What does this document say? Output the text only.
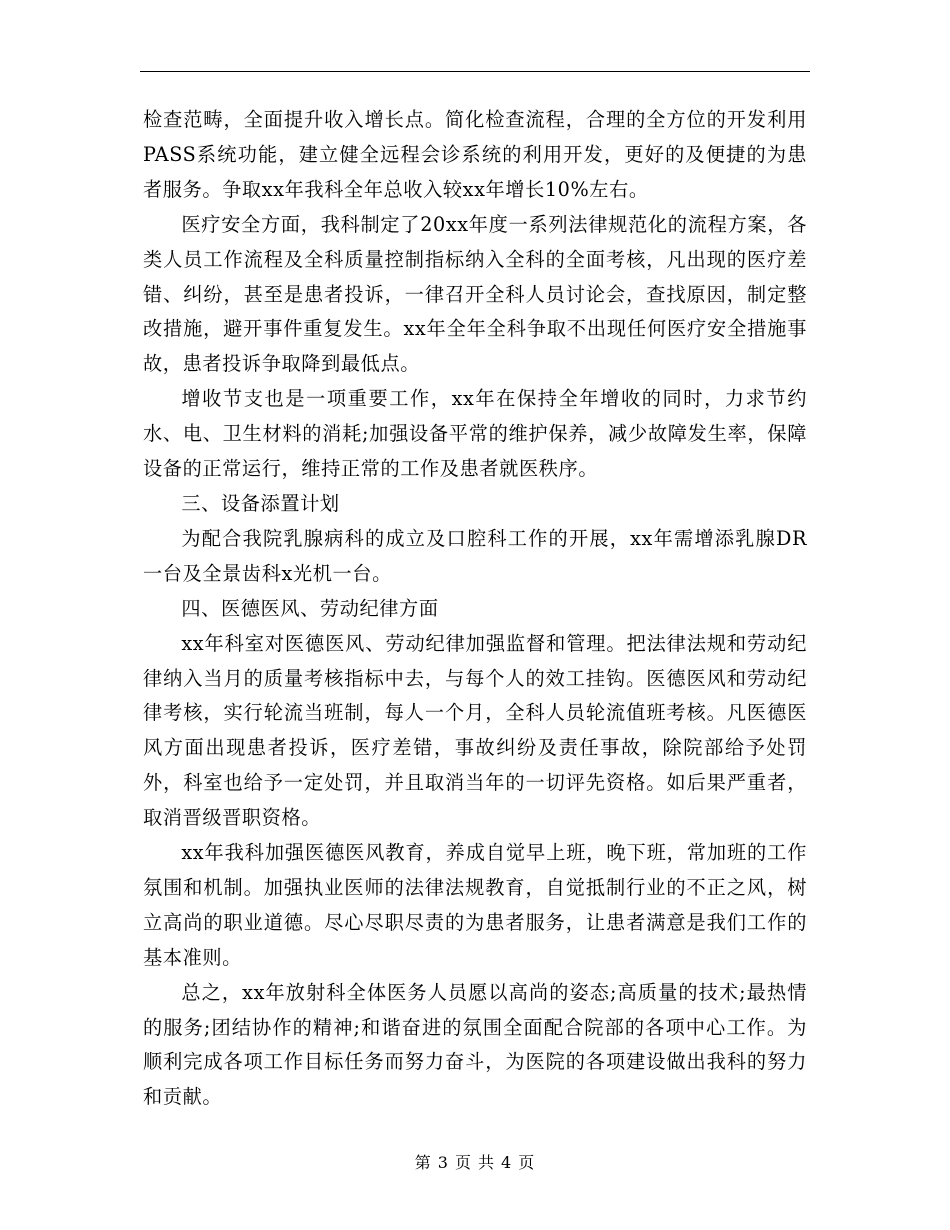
检查范畴，全面提升收入增长点。简化检查流程，合理的全方位的开发利用PASS系统功能，建立健全远程会诊系统的利用开发，更好的及便捷的为患者服务。争取xx年我科全年总收入较xx年增长10%左右。

医疗安全方面，我科制定了20xx年度一系列法律规范化的流程方案，各类人员工作流程及全科质量控制指标纳入全科的全面考核，凡出现的医疗差错、纠纷，甚至是患者投诉，一律召开全科人员讨论会，查找原因，制定整改措施，避开事件重复发生。xx年全年全科争取不出现任何医疗安全措施事故，患者投诉争取降到最低点。

增收节支也是一项重要工作，xx年在保持全年增收的同时，力求节约水、电、卫生材料的消耗;加强设备平常的维护保养，减少故障发生率，保障设备的正常运行，维持正常的工作及患者就医秩序。

三、设备添置计划

为配合我院乳腺病科的成立及口腔科工作的开展，xx年需增添乳腺DR一台及全景齿科x光机一台。

四、医德医风、劳动纪律方面

xx年科室对医德医风、劳动纪律加强监督和管理。把法律法规和劳动纪律纳入当月的质量考核指标中去，与每个人的效工挂钩。医德医风和劳动纪律考核，实行轮流当班制，每人一个月，全科人员轮流值班考核。凡医德医风方面出现患者投诉，医疗差错，事故纠纷及责任事故，除院部给予处罚外，科室也给予一定处罚，并且取消当年的一切评先资格。如后果严重者，取消晋级晋职资格。

xx年我科加强医德医风教育，养成自觉早上班，晚下班，常加班的工作氛围和机制。加强执业医师的法律法规教育，自觉抵制行业的不正之风，树立高尚的职业道德。尽心尽职尽责的为患者服务，让患者满意是我们工作的基本准则。

总之，xx年放射科全体医务人员愿以高尚的姿态;高质量的技术;最热情的服务;团结协作的精神;和谐奋进的氛围全面配合院部的各项中心工作。为顺利完成各项工作目标任务而努力奋斗，为医院的各项建设做出我科的努力和贡献。

第 3 页 共 4 页
